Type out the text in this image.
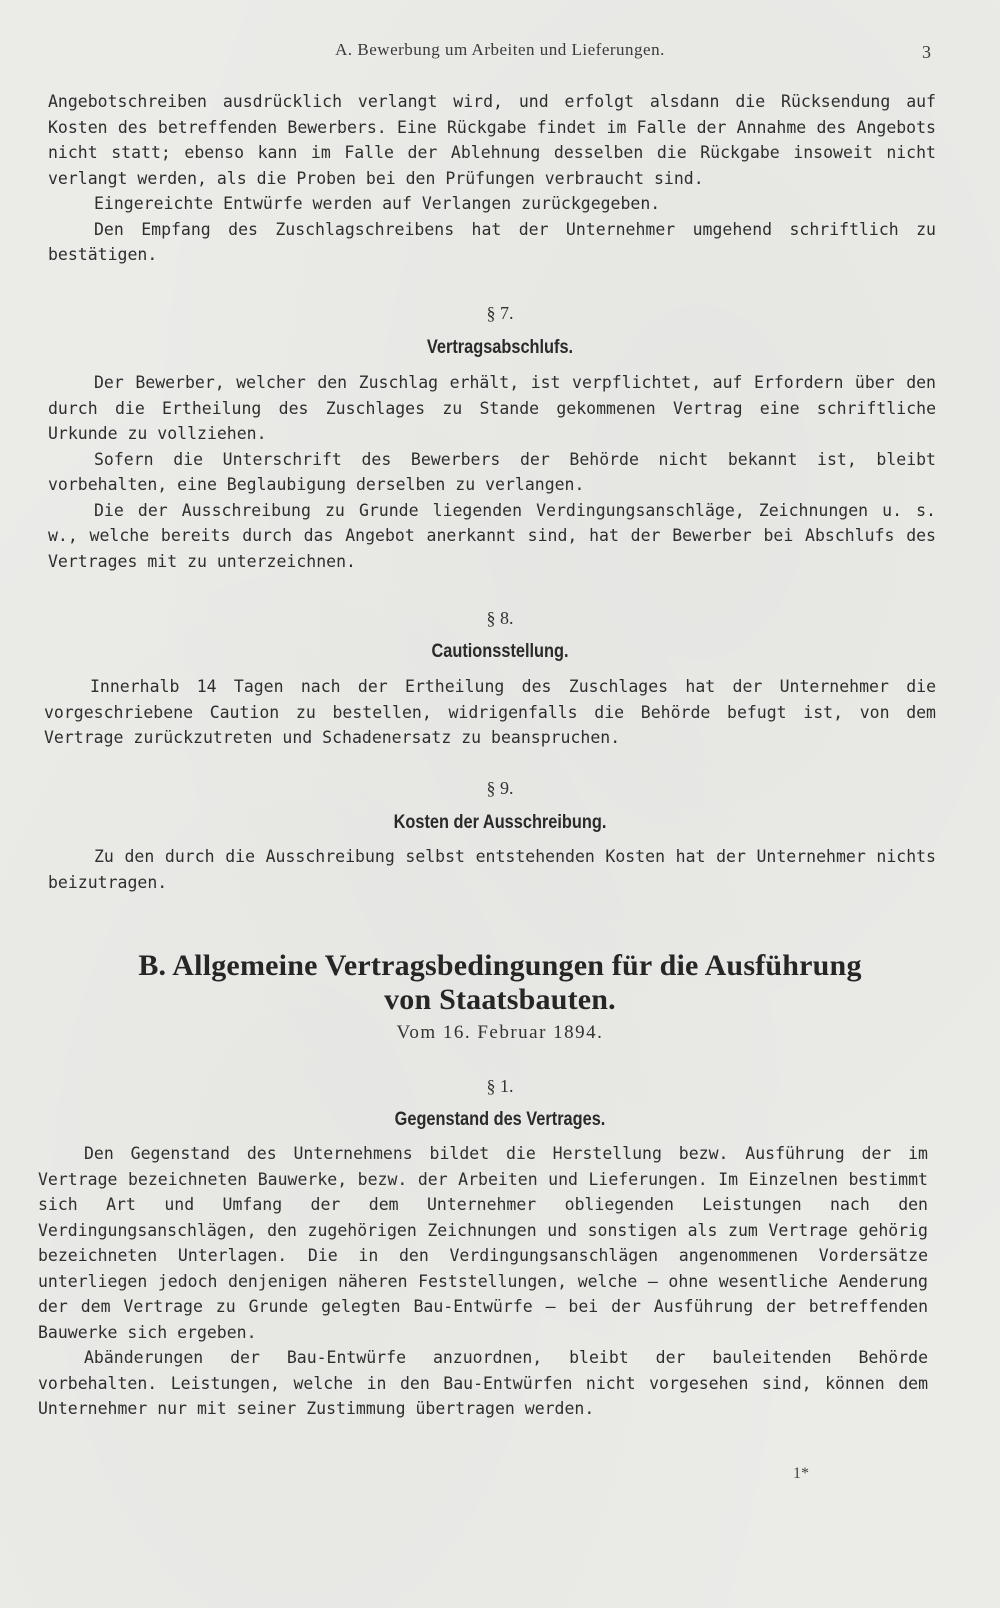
A. Bewerbung um Arbeiten und Lieferungen.	3

Angebotschreiben ausdrücklich verlangt wird, und erfolgt alsdann die Rücksendung auf Kosten des betreffenden Bewerbers. Eine Rückgabe findet im Falle der Annahme des Angebots nicht statt; ebenso kann im Falle der Ablehnung desselben die Rückgabe insoweit nicht verlangt werden, als die Proben bei den Prüfungen verbraucht sind.

Eingereichte Entwürfe werden auf Verlangen zurückgegeben.

Den Empfang des Zuschlagschreibens hat der Unternehmer umgehend schriftlich zu bestätigen.

§ 7.
Vertragsabschlufs.

Der Bewerber, welcher den Zuschlag erhält, ist verpflichtet, auf Erfordern über den durch die Ertheilung des Zuschlages zu Stande gekommenen Vertrag eine schriftliche Urkunde zu vollziehen.

Sofern die Unterschrift des Bewerbers der Behörde nicht bekannt ist, bleibt vorbehalten, eine Beglaubigung derselben zu verlangen.

Die der Ausschreibung zu Grunde liegenden Verdingungsanschläge, Zeichnungen u. s. w., welche bereits durch das Angebot anerkannt sind, hat der Bewerber bei Abschlufs des Vertrages mit zu unterzeichnen.

§ 8.
Cautionsstellung.

Innerhalb 14 Tagen nach der Ertheilung des Zuschlages hat der Unternehmer die vorgeschriebene Caution zu bestellen, widrigenfalls die Behörde befugt ist, von dem Vertrage zurückzutreten und Schadenersatz zu beanspruchen.

§ 9.
Kosten der Ausschreibung.

Zu den durch die Ausschreibung selbst entstehenden Kosten hat der Unternehmer nichts beizutragen.

B. Allgemeine Vertragsbedingungen für die Ausführung
von Staatsbauten.
Vom 16. Februar 1894.
§ 1.
Gegenstand des Vertrages.

Den Gegenstand des Unternehmens bildet die Herstellung bezw. Ausführung der im Vertrage bezeichneten Bauwerke, bezw. der Arbeiten und Lieferungen. Im Einzelnen bestimmt sich Art und Umfang der dem Unternehmer obliegenden Leistungen nach den Verdingungsanschlägen, den zugehörigen Zeichnungen und sonstigen als zum Vertrage gehörig bezeichneten Unterlagen. Die in den Verdingungsanschlägen angenommenen Vordersätze unterliegen jedoch denjenigen näheren Feststellungen, welche — ohne wesentliche Aenderung der dem Vertrage zu Grunde gelegten Bau-Entwürfe — bei der Ausführung der betreffenden Bauwerke sich ergeben.

Abänderungen der Bau-Entwürfe anzuordnen, bleibt der bauleitenden Behörde vorbehalten. Leistungen, welche in den Bau-Entwürfen nicht vorgesehen sind, können dem Unternehmer nur mit seiner Zustimmung übertragen werden.

1*
